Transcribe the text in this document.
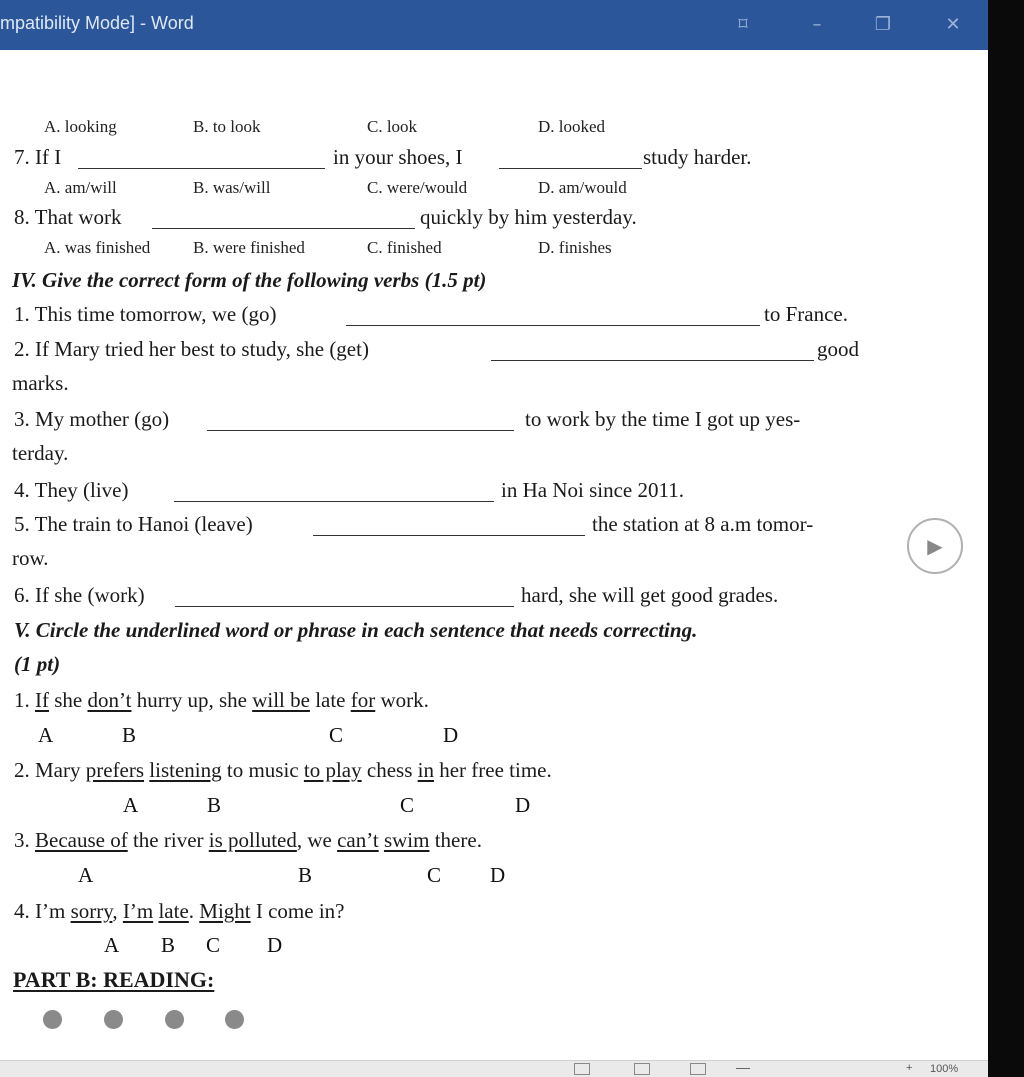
mpatibility Mode] - Word	⌑	–	❐	✕
A. looking	B. to look	C. look	D. looked
7. If I	in your shoes, I	study harder.
A. am/will	B. was/will	C. were/would	D. am/would
8. That work	quickly by him yesterday.
A. was finished	B. were finished	C. finished	D. finishes
IV. Give the correct form of the following verbs (1.5 pt)
1. This time tomorrow, we (go)	to France.
2. If Mary tried her best to study, she (get)	good
marks.
3. My mother (go)	to work by the time I got up yes-
terday.
4. They (live)	in Ha Noi since 2011.
5. The train to Hanoi (leave)	the station at 8 a.m tomor-
row.
6. If she (work)	hard, she will get good grades.
V. Circle the underlined word or phrase in each sentence that needs correcting.
(1 pt)
1. If she don’t hurry up, she will be late for work.
A	B	C	D
2. Mary prefers listening to music to play chess in her free time.
A	B	C	D
3. Because of the river is polluted, we can’t swim there.
A	B	C D
4. I’m sorry, I’m late. Might I come in?
A B C D
PART B: READING:
▶
+ 100%
